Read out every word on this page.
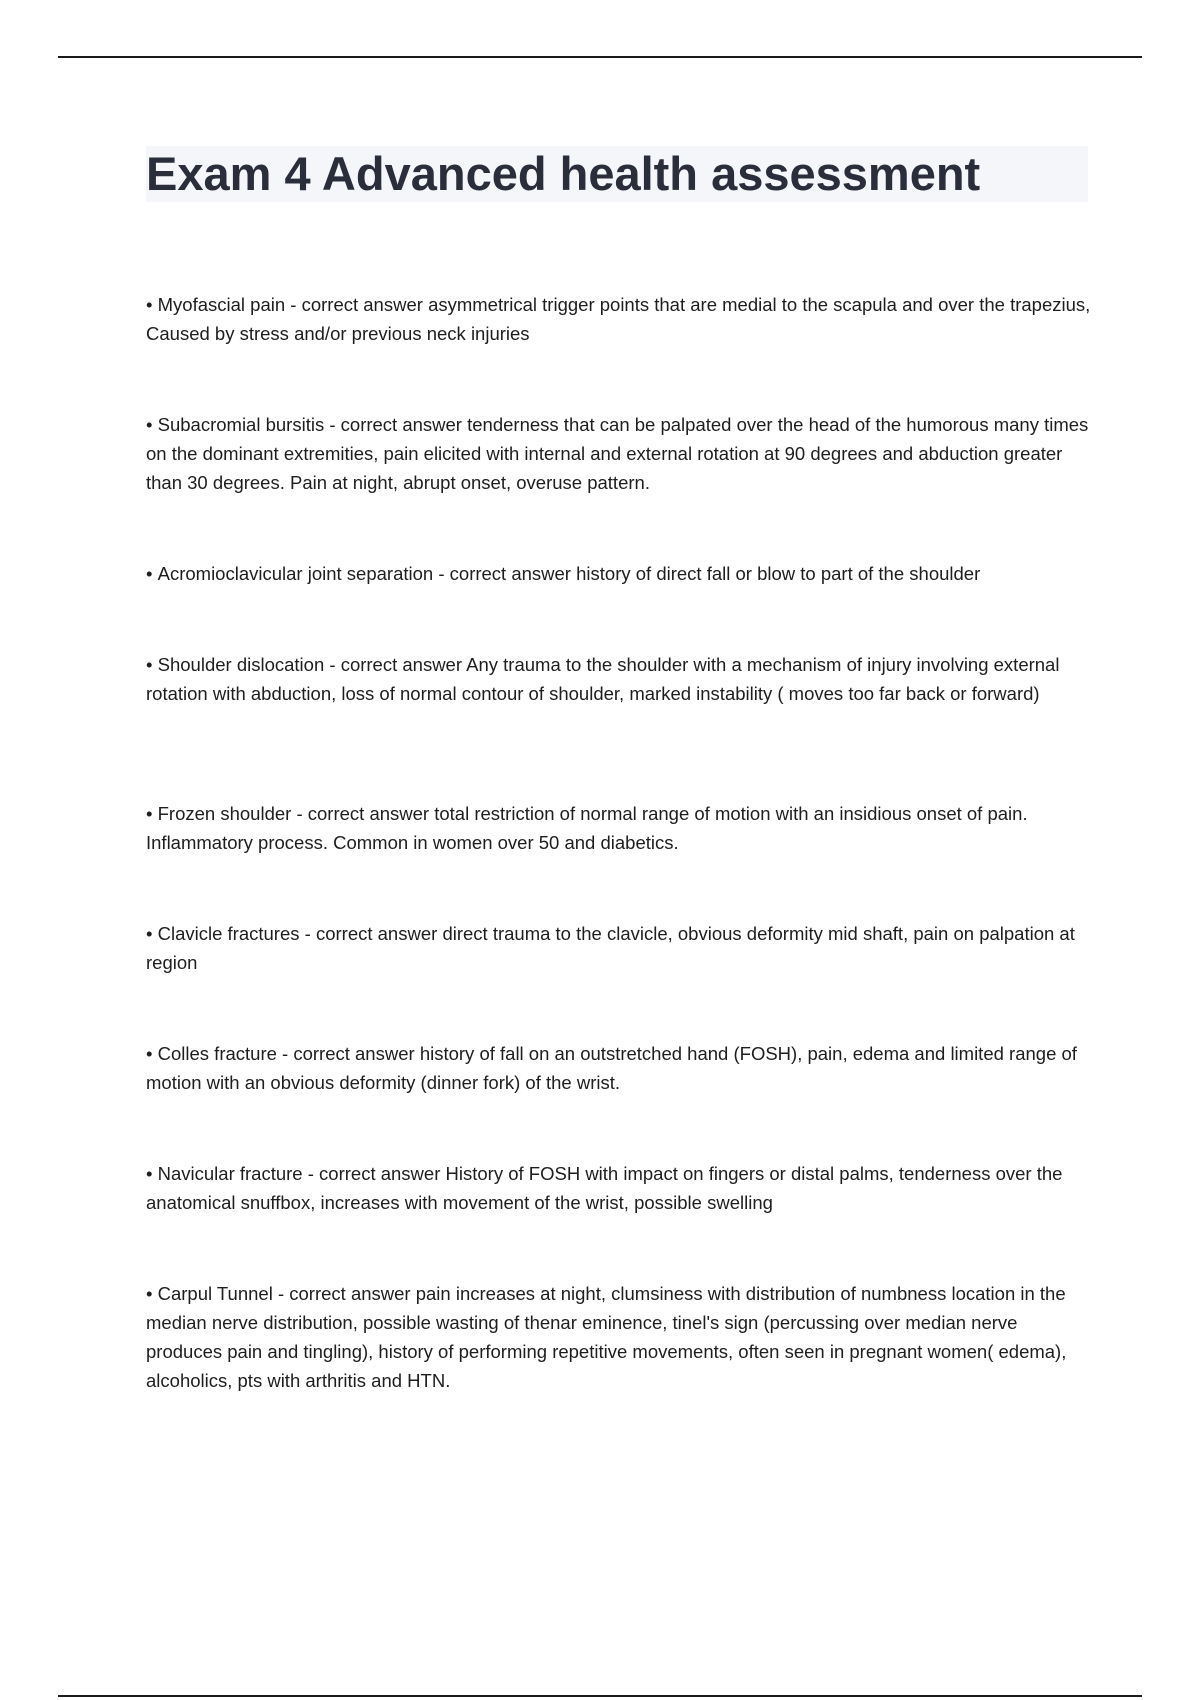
Exam 4 Advanced health assessment

• Myofascial pain - correct answer asymmetrical trigger points that are medial to the scapula and over the trapezius, Caused by stress and/or previous neck injuries

• Subacromial bursitis - correct answer tenderness that can be palpated over the head of the humorous many times on the dominant extremities, pain elicited with internal and external rotation at 90 degrees and abduction greater than 30 degrees. Pain at night, abrupt onset, overuse pattern.

• Acromioclavicular joint separation - correct answer history of direct fall or blow to part of the shoulder

• Shoulder dislocation - correct answer Any trauma to the shoulder with a mechanism of injury involving external rotation with abduction, loss of normal contour of shoulder, marked instability ( moves too far back or forward)

• Frozen shoulder - correct answer total restriction of normal range of motion with an insidious onset of pain. Inflammatory process. Common in women over 50 and diabetics.

• Clavicle fractures - correct answer direct trauma to the clavicle, obvious deformity mid shaft, pain on palpation at region

• Colles fracture - correct answer history of fall on an outstretched hand (FOSH), pain, edema and limited range of motion with an obvious deformity (dinner fork) of the wrist.

• Navicular fracture - correct answer History of FOSH with impact on fingers or distal palms, tenderness over the anatomical snuffbox, increases with movement of the wrist, possible swelling

• Carpul Tunnel - correct answer pain increases at night, clumsiness with distribution of numbness location in the median nerve distribution, possible wasting of thenar eminence, tinel's sign (percussing over median nerve produces pain and tingling), history of performing repetitive movements, often seen in pregnant women( edema), alcoholics, pts with arthritis and HTN.
